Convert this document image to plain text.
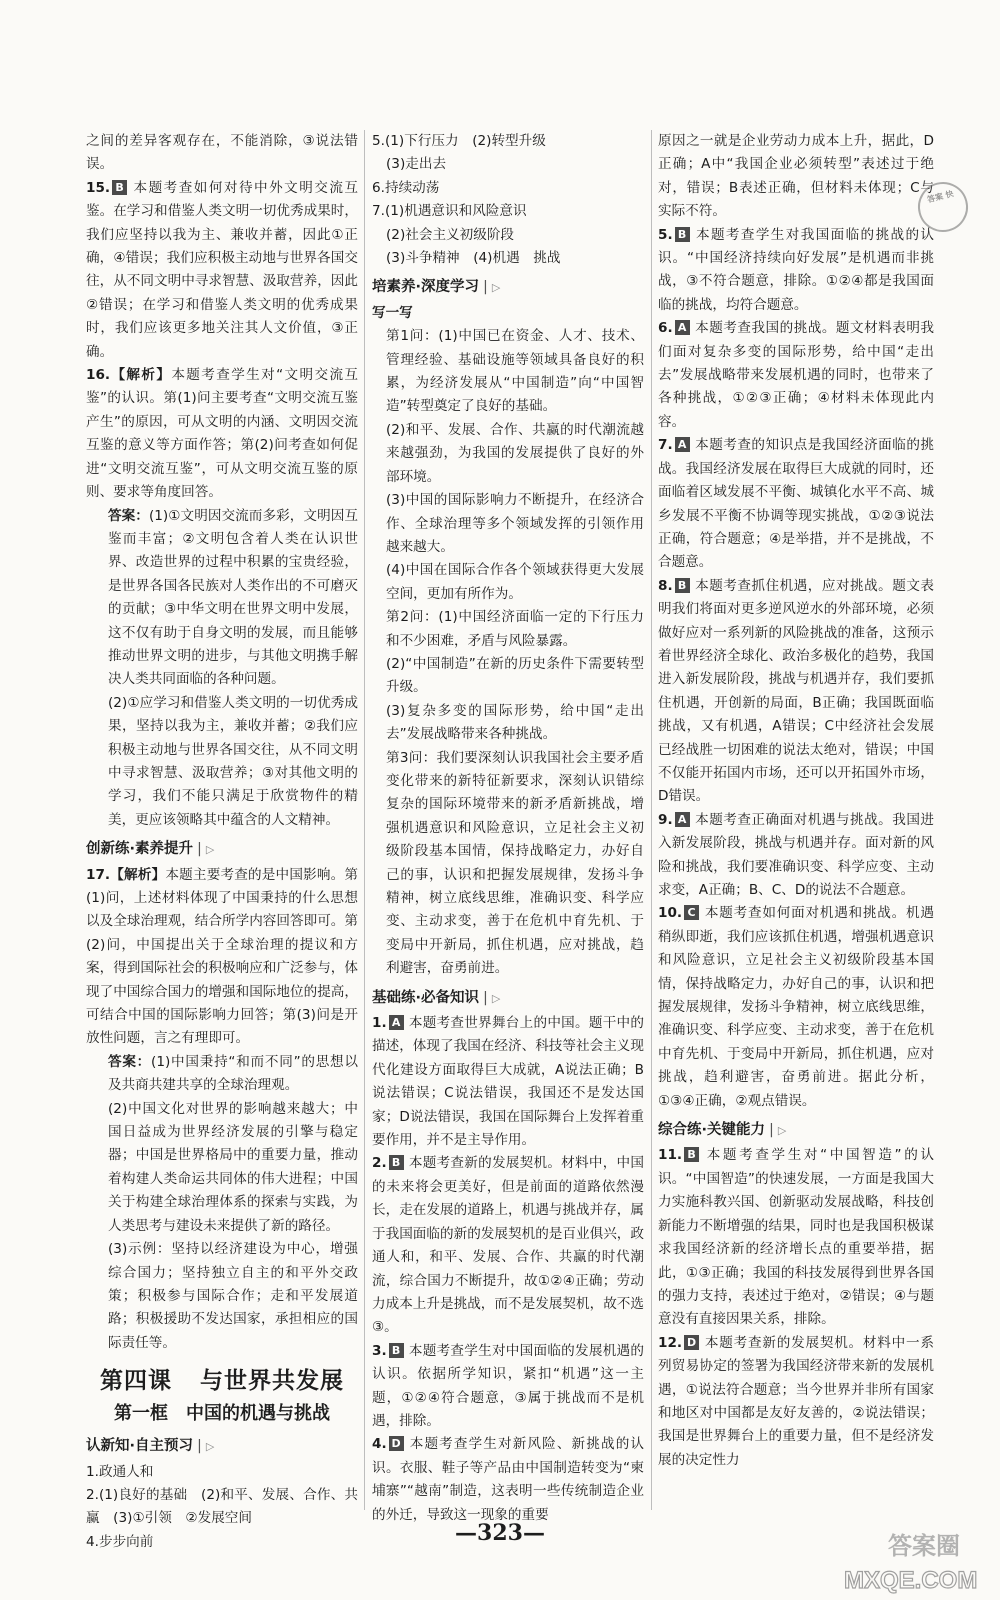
之间的差异客观存在，不能消除，③说法错误。

15. B 本题考查如何对待中外文明交流互鉴。在学习和借鉴人类文明一切优秀成果时，我们应坚持以我为主、兼收并蓄，因此①正确，④错误；我们应积极主动地与世界各国交往，从不同文明中寻求智慧、汲取营养，因此②错误；在学习和借鉴人类文明的优秀成果时，我们应该更多地关注其人文价值，③正确。

16.【解析】本题考查学生对“文明交流互鉴”的认识。第(1)问主要考查“文明交流互鉴产生”的原因，可从文明的内涵、文明因交流互鉴的意义等方面作答；第(2)问考查如何促进“文明交流互鉴”，可从文明交流互鉴的原则、要求等角度回答。

答案：(1)①文明因交流而多彩，文明因互鉴而丰富；②文明包含着人类在认识世界、改造世界的过程中积累的宝贵经验，是世界各国各民族对人类作出的不可磨灭的贡献；③中华文明在世界文明中发展，这不仅有助于自身文明的发展，而且能够推动世界文明的进步，与其他文明携手解决人类共同面临的各种问题。

(2)①应学习和借鉴人类文明的一切优秀成果，坚持以我为主，兼收并蓄；②我们应积极主动地与世界各国交往，从不同文明中寻求智慧、汲取营养；③对其他文明的学习，我们不能只满足于欣赏物件的精美，更应该领略其中蕴含的人文精神。

创新练·素养提升 | ▷

17.【解析】本题主要考查的是中国影响。第(1)问，上述材料体现了中国秉持的什么思想以及全球治理观，结合所学内容回答即可。第(2)问，中国提出关于全球治理的提议和方案，得到国际社会的积极响应和广泛参与，体现了中国综合国力的增强和国际地位的提高，可结合中国的国际影响力回答；第(3)问是开放性问题，言之有理即可。

答案：(1)中国秉持“和而不同”的思想以及共商共建共享的全球治理观。

(2)中国文化对世界的影响越来越大；中国日益成为世界经济发展的引擎与稳定器；中国是世界格局中的重要力量，推动着构建人类命运共同体的伟大进程；中国关于构建全球治理体系的探索与实践，为人类思考与建设未来提供了新的路径。

(3)示例：坚持以经济建设为中心，增强综合国力；坚持独立自主的和平外交政策；积极参与国际合作；走和平发展道路；积极援助不发达国家，承担相应的国际责任等。

第四课 与世界共发展
第一框　 中国的机遇与挑战
认新知·自主预习 | ▷

1.政通人和

2.(1)良好的基础　(2)和平、发展、合作、共赢　(3)①引领　②发展空间

4.步步向前

5.(1)下行压力　(2)转型升级

(3)走出去

6.持续动荡

7.(1)机遇意识和风险意识

(2)社会主义初级阶段

(3)斗争精神　(4)机遇　挑战

培素养·深度学习 | ▷

写一写

第1问：(1)中国已在资金、人才、技术、管理经验、基础设施等领域具备良好的积累，为经济发展从“中国制造”向“中国智造”转型奠定了良好的基础。

(2)和平、发展、合作、共赢的时代潮流越来越强劲，为我国的发展提供了良好的外部环境。

(3)中国的国际影响力不断提升，在经济合作、全球治理等多个领域发挥的引领作用越来越大。

(4)中国在国际合作各个领域获得更大发展空间，更加有所作为。

第2问：(1)中国经济面临一定的下行压力和不少困难，矛盾与风险暴露。

(2)“中国制造”在新的历史条件下需要转型升级。

(3)复杂多变的国际形势，给中国“走出去”发展战略带来各种挑战。

第3问：我们要深刻认识我国社会主要矛盾变化带来的新特征新要求，深刻认识错综复杂的国际环境带来的新矛盾新挑战，增强机遇意识和风险意识，立足社会主义初级阶段基本国情，保持战略定力，办好自己的事，认识和把握发展规律，发扬斗争精神，树立底线思维，准确识变、科学应变、主动求变，善于在危机中育先机、于变局中开新局，抓住机遇，应对挑战，趋利避害，奋勇前进。

基础练·必备知识 | ▷

1. A 本题考查世界舞台上的中国。题干中的描述，体现了我国在经济、科技等社会主义现代化建设方面取得巨大成就，A说法正确；B说法错误；C说法错误，我国还不是发达国家；D说法错误，我国在国际舞台上发挥着重要作用，并不是主导作用。

2. B 本题考查新的发展契机。材料中，中国的未来将会更美好，但是前面的道路依然漫长，走在发展的道路上，机遇与挑战并存，属于我国面临的新的发展契机的是百业俱兴，政通人和，和平、发展、合作、共赢的时代潮流，综合国力不断提升，故①②④正确；劳动力成本上升是挑战，而不是发展契机，故不选③。

3. B 本题考查学生对中国面临的发展机遇的认识。依据所学知识，紧扣“机遇”这一主题，①②④符合题意，③属于挑战而不是机遇，排除。

4. D 本题考查学生对新风险、新挑战的认识。衣服、鞋子等产品由中国制造转变为“柬埔寨”“越南”制造，这表明一些传统制造企业的外迁，导致这一现象的重要

原因之一就是企业劳动力成本上升，据此，D正确；A中“我国企业必须转型”表述过于绝对，错误；B表述正确，但材料未体现；C与实际不符。

5. B 本题考查学生对我国面临的挑战的认识。“中国经济持续向好发展”是机遇而非挑战，③不符合题意，排除。①②④都是我国面临的挑战，均符合题意。

6. A 本题考查我国的挑战。题文材料表明我们面对复杂多变的国际形势，给中国“走出去”发展战略带来发展机遇的同时，也带来了各种挑战，①②③正确；④材料未体现此内容。

7. A 本题考查的知识点是我国经济面临的挑战。我国经济发展在取得巨大成就的同时，还面临着区域发展不平衡、城镇化水平不高、城乡发展不平衡不协调等现实挑战，①②③说法正确，符合题意；④是举措，并不是挑战，不合题意。

8. B 本题考查抓住机遇，应对挑战。题文表明我们将面对更多逆风逆水的外部环境，必须做好应对一系列新的风险挑战的准备，这预示着世界经济全球化、政治多极化的趋势，我国进入新发展阶段，挑战与机遇并存，我们要抓住机遇，开创新的局面，B正确；我国既面临挑战，又有机遇，A错误；C中经济社会发展已经战胜一切困难的说法太绝对，错误；中国不仅能开拓国内市场，还可以开拓国外市场，D错误。

9. A 本题考查正确面对机遇与挑战。我国进入新发展阶段，挑战与机遇并存。面对新的风险和挑战，我们要准确识变、科学应变、主动求变，A正确；B、C、D的说法不合题意。

10. C 本题考查如何面对机遇和挑战。机遇稍纵即逝，我们应该抓住机遇，增强机遇意识和风险意识，立足社会主义初级阶段基本国情，保持战略定力，办好自己的事，认识和把握发展规律，发扬斗争精神，树立底线思维，准确识变、科学应变、主动求变，善于在危机中育先机、于变局中开新局，抓住机遇，应对挑战，趋利避害，奋勇前进。据此分析，①③④正确，②观点错误。

综合练·关键能力 | ▷

11. B 本题考查学生对“中国智造”的认识。“中国智造”的快速发展，一方面是我国大力实施科教兴国、创新驱动发展战略，科技创新能力不断增强的结果，同时也是我国积极谋求我国经济新的经济增长点的重要举措，据此，①③正确；我国的科技发展得到世界各国的强力支持，表述过于绝对，②错误；④与题意没有直接因果关系，排除。

12. D 本题考查新的发展契机。材料中一系列贸易协定的签署为我国经济带来新的发展机遇，①说法符合题意；当今世界并非所有国家和地区对中国都是友好友善的，②说法错误；我国是世界舞台上的重要力量，但不是经济发展的决定性力

答案 快
—323—	答案圈
MXQE.COM
